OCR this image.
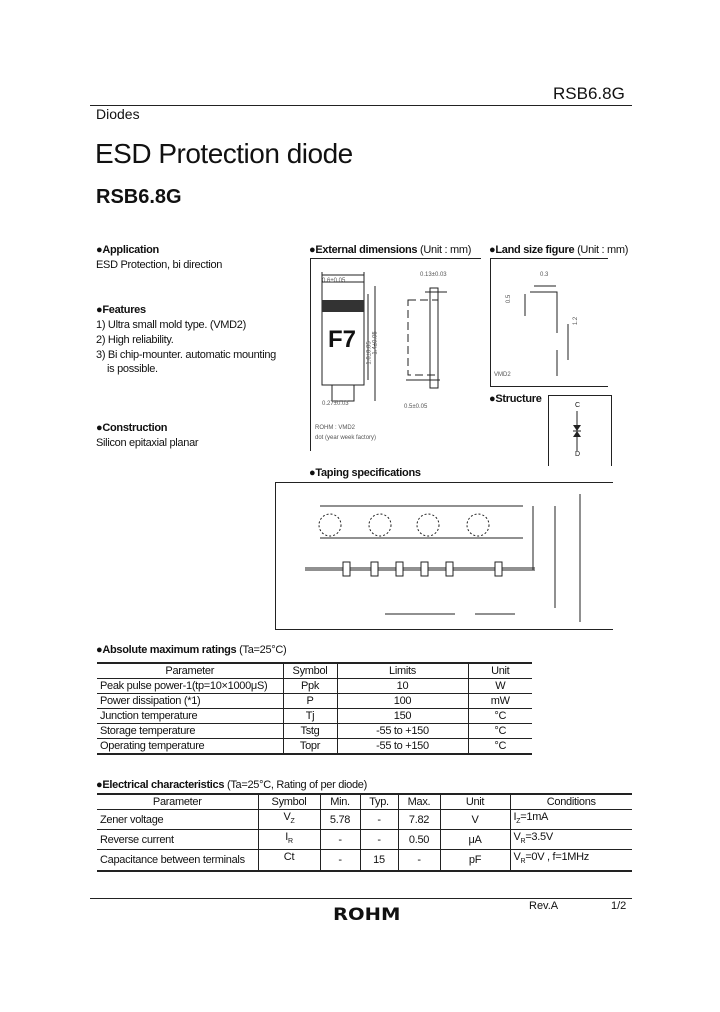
RSB6.8G
Diodes
ESD Protection diode
RSB6.8G
●Application
ESD Protection, bi direction
●Features
1) Ultra small mold type. (VMD2)
2) High reliability.
3) Bi chip-mounter. automatic mounting
is possible.
●Construction
Silicon epitaxial planar
●External dimensions (Unit : mm)
F7
0.6±0.05
0.13±0.03
1.0±0.05 1.4±0.05
0.27±0.03	0.5±0.05
ROHM : VMD2
dot (year week factory)
●Land size figure (Unit : mm)
0.3
0.5
1.2
VMD2
●Structure
C
D
●Taping specifications
●Absolute maximum ratings (Ta=25°C)
Parameter	Symbol	Limits	Unit
Peak pulse power-1(tp=10×1000μS)	Ppk	10	W
Power dissipation (*1)	P	100	mW
Junction temperature	Tj	150	°C
Storage temperature	Tstg	-55 to +150	°C
Operating temperature	Topr	-55 to +150	°C
●Electrical characteristics (Ta=25°C, Rating of per diode)
Parameter	Symbol	Min.	Typ.	Max.	Unit	Conditions
Zener voltage	$V_Z$	5.78	-	7.82	V	$I_Z=1mA$
Reverse current	$I_R$	-	-	0.50	μA	$V_R=3.5V$
Capacitance between terminals	Ct	-	15	-	pF	$V_R=0V$ , f=1MHz
Rev.A	1/2
ROHM
